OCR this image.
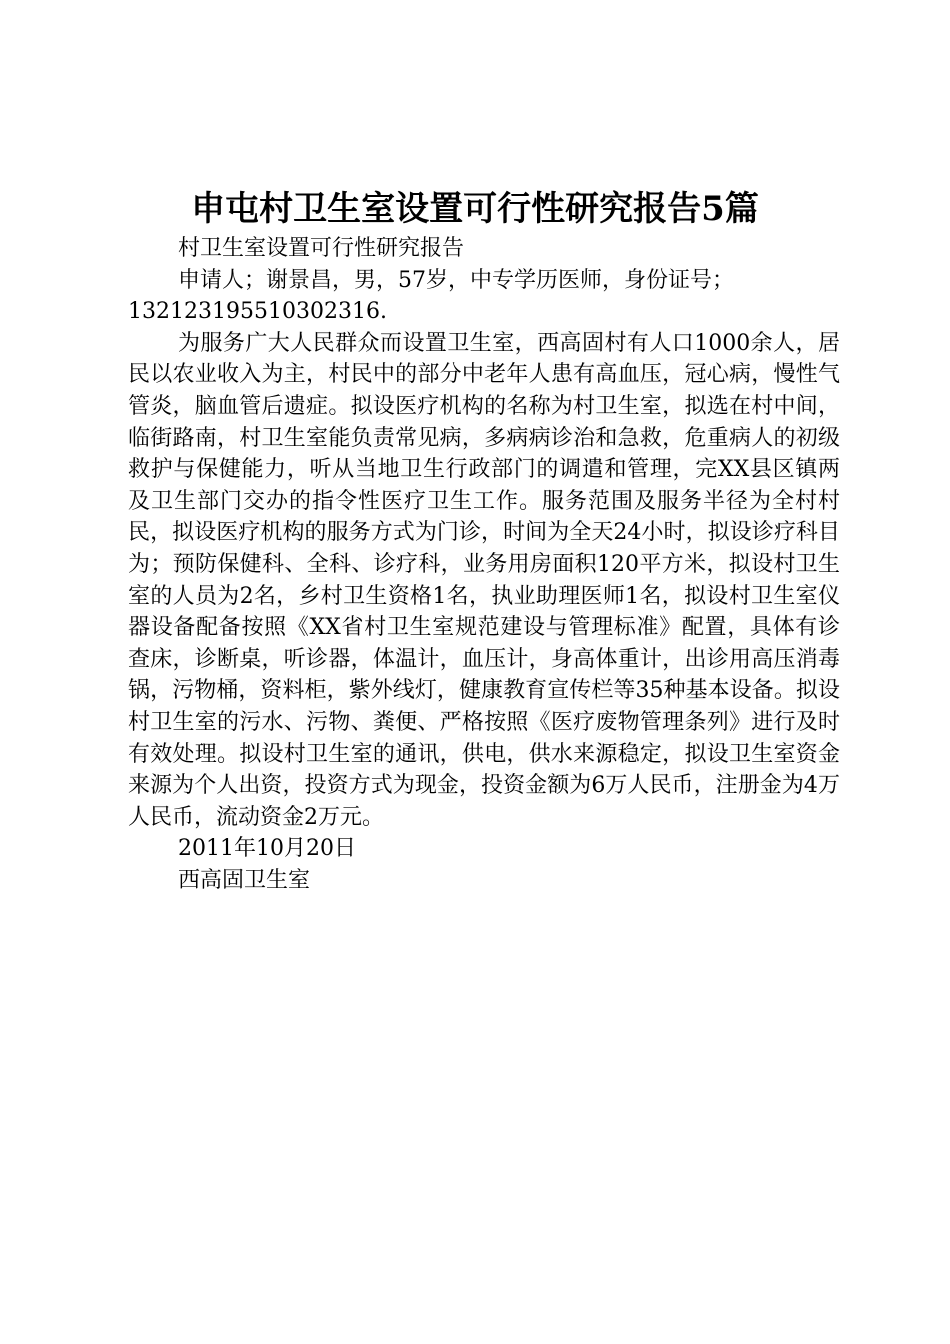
申屯村卫生室设置可行性研究报告5篇

村卫生室设置可行性研究报告

申请人；谢景昌，男，57岁，中专学历医师，身份证号；

132123195510302316.

为服务广大人民群众而设置卫生室，西高固村有人口1000余人，居民以农业收入为主，村民中的部分中老年人患有高血压，冠心病，慢性气管炎，脑血管后遗症。拟设医疗机构的名称为村卫生室，拟选在村中间，临街路南，村卫生室能负责常见病，多病病诊治和急救，危重病人的初级救护与保健能力，听从当地卫生行政部门的调遣和管理，完XX县区镇两及卫生部门交办的指令性医疗卫生工作。服务范围及服务半径为全村村民，拟设医疗机构的服务方式为门诊，时间为全天24小时，拟设诊疗科目为；预防保健科、全科、诊疗科，业务用房面积120平方米，拟设村卫生室的人员为2名，乡村卫生资格1名，执业助理医师1名，拟设村卫生室仪器设备配备按照《XX省村卫生室规范建设与管理标准》配置，具体有诊查床，诊断桌，听诊器，体温计，血压计，身高体重计，出诊用高压消毒锅，污物桶，资料柜，紫外线灯，健康教育宣传栏等35种基本设备。拟设村卫生室的污水、污物、粪便、严格按照《医疗废物管理条列》进行及时有效处理。拟设村卫生室的通讯，供电，供水来源稳定，拟设卫生室资金来源为个人出资，投资方式为现金，投资金额为6万人民币，注册金为4万人民币，流动资金2万元。

2011年10月20日

西高固卫生室
